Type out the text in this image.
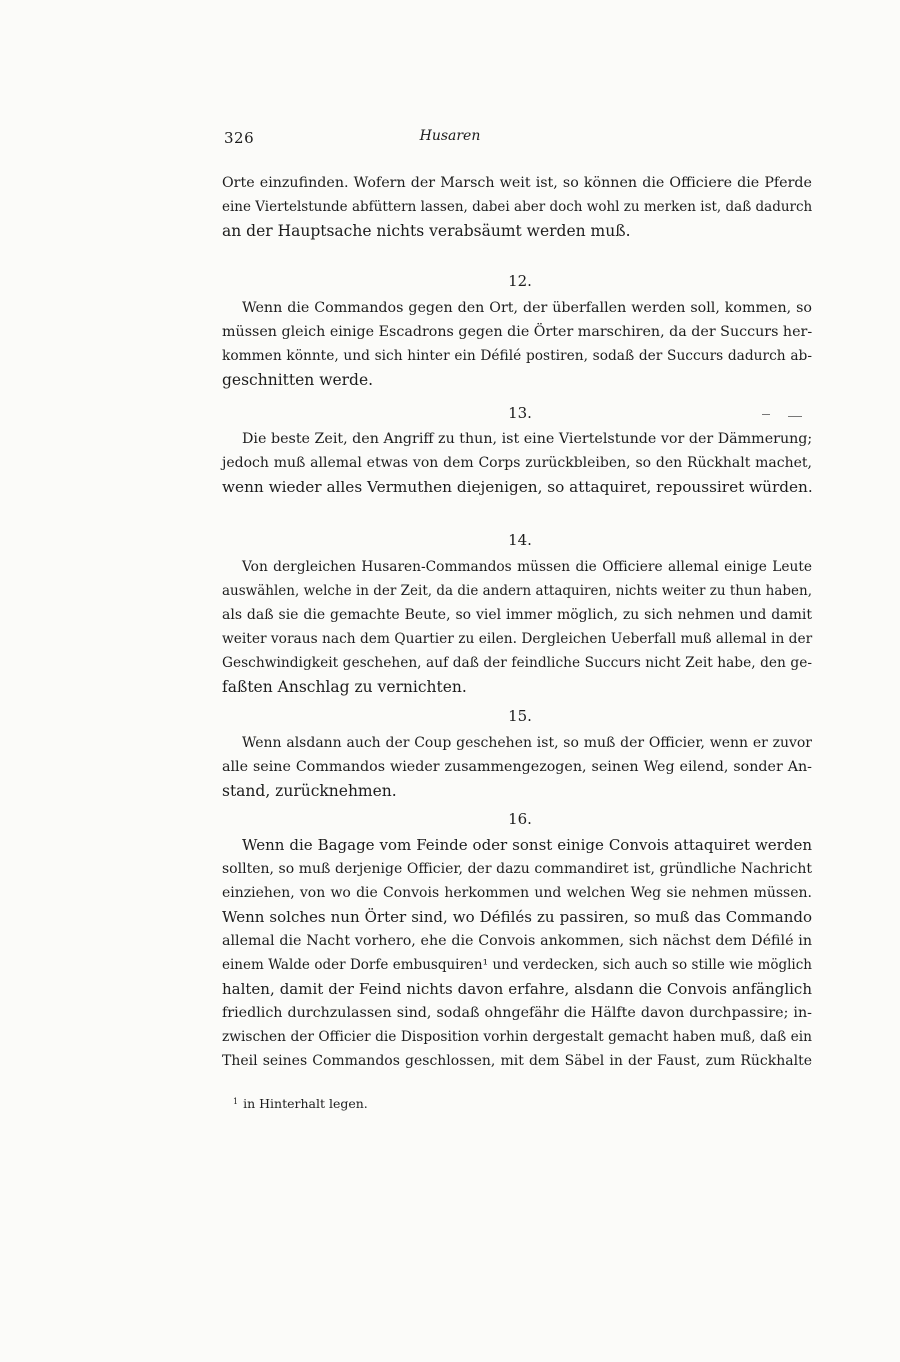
326	Husaren
Orte einzufinden. Wofern der Marsch weit ist, so können die Officiere die Pferde
eine Viertelstunde abfüttern lassen, dabei aber doch wohl zu merken ist, daß dadurch
an der Hauptsache nichts verabsäumt werden muß.
12.
Wenn die Commandos gegen den Ort, der überfallen werden soll, kommen, so
müssen gleich einige Escadrons gegen die Örter marschiren, da der Succurs her-
kommen könnte, und sich hinter ein Défilé postiren, sodaß der Succurs dadurch ab-
geschnitten werde.
13.
Die beste Zeit, den Angriff zu thun, ist eine Viertelstunde vor der Dämmerung;
jedoch muß allemal etwas von dem Corps zurückbleiben, so den Rückhalt machet,
wenn wieder alles Vermuthen diejenigen, so attaquiret, repoussiret würden.
14.
Von dergleichen Husaren-Commandos müssen die Officiere allemal einige Leute
auswählen, welche in der Zeit, da die andern attaquiren, nichts weiter zu thun haben,
als daß sie die gemachte Beute, so viel immer möglich, zu sich nehmen und damit
weiter voraus nach dem Quartier zu eilen. Dergleichen Ueberfall muß allemal in der
Geschwindigkeit geschehen, auf daß der feindliche Succurs nicht Zeit habe, den ge-
faßten Anschlag zu vernichten.
15.
Wenn alsdann auch der Coup geschehen ist, so muß der Officier, wenn er zuvor
alle seine Commandos wieder zusammengezogen, seinen Weg eilend, sonder An-
stand, zurücknehmen.
16.
Wenn die Bagage vom Feinde oder sonst einige Convois attaquiret werden
sollten, so muß derjenige Officier, der dazu commandiret ist, gründliche Nachricht
einziehen, von wo die Convois herkommen und welchen Weg sie nehmen müssen.
Wenn solches nun Örter sind, wo Défilés zu passiren, so muß das Commando
allemal die Nacht vorhero, ehe die Convois ankommen, sich nächst dem Défilé in
einem Walde oder Dorfe embusquiren¹ und verdecken, sich auch so stille wie möglich
halten, damit der Feind nichts davon erfahre, alsdann die Convois anfänglich
friedlich durchzulassen sind, sodaß ohngefähr die Hälfte davon durchpassire; in-
zwischen der Officier die Disposition vorhin dergestalt gemacht haben muß, daß ein
Theil seines Commandos geschlossen, mit dem Säbel in der Faust, zum Rückhalte
$^1$ in Hinterhalt legen.
